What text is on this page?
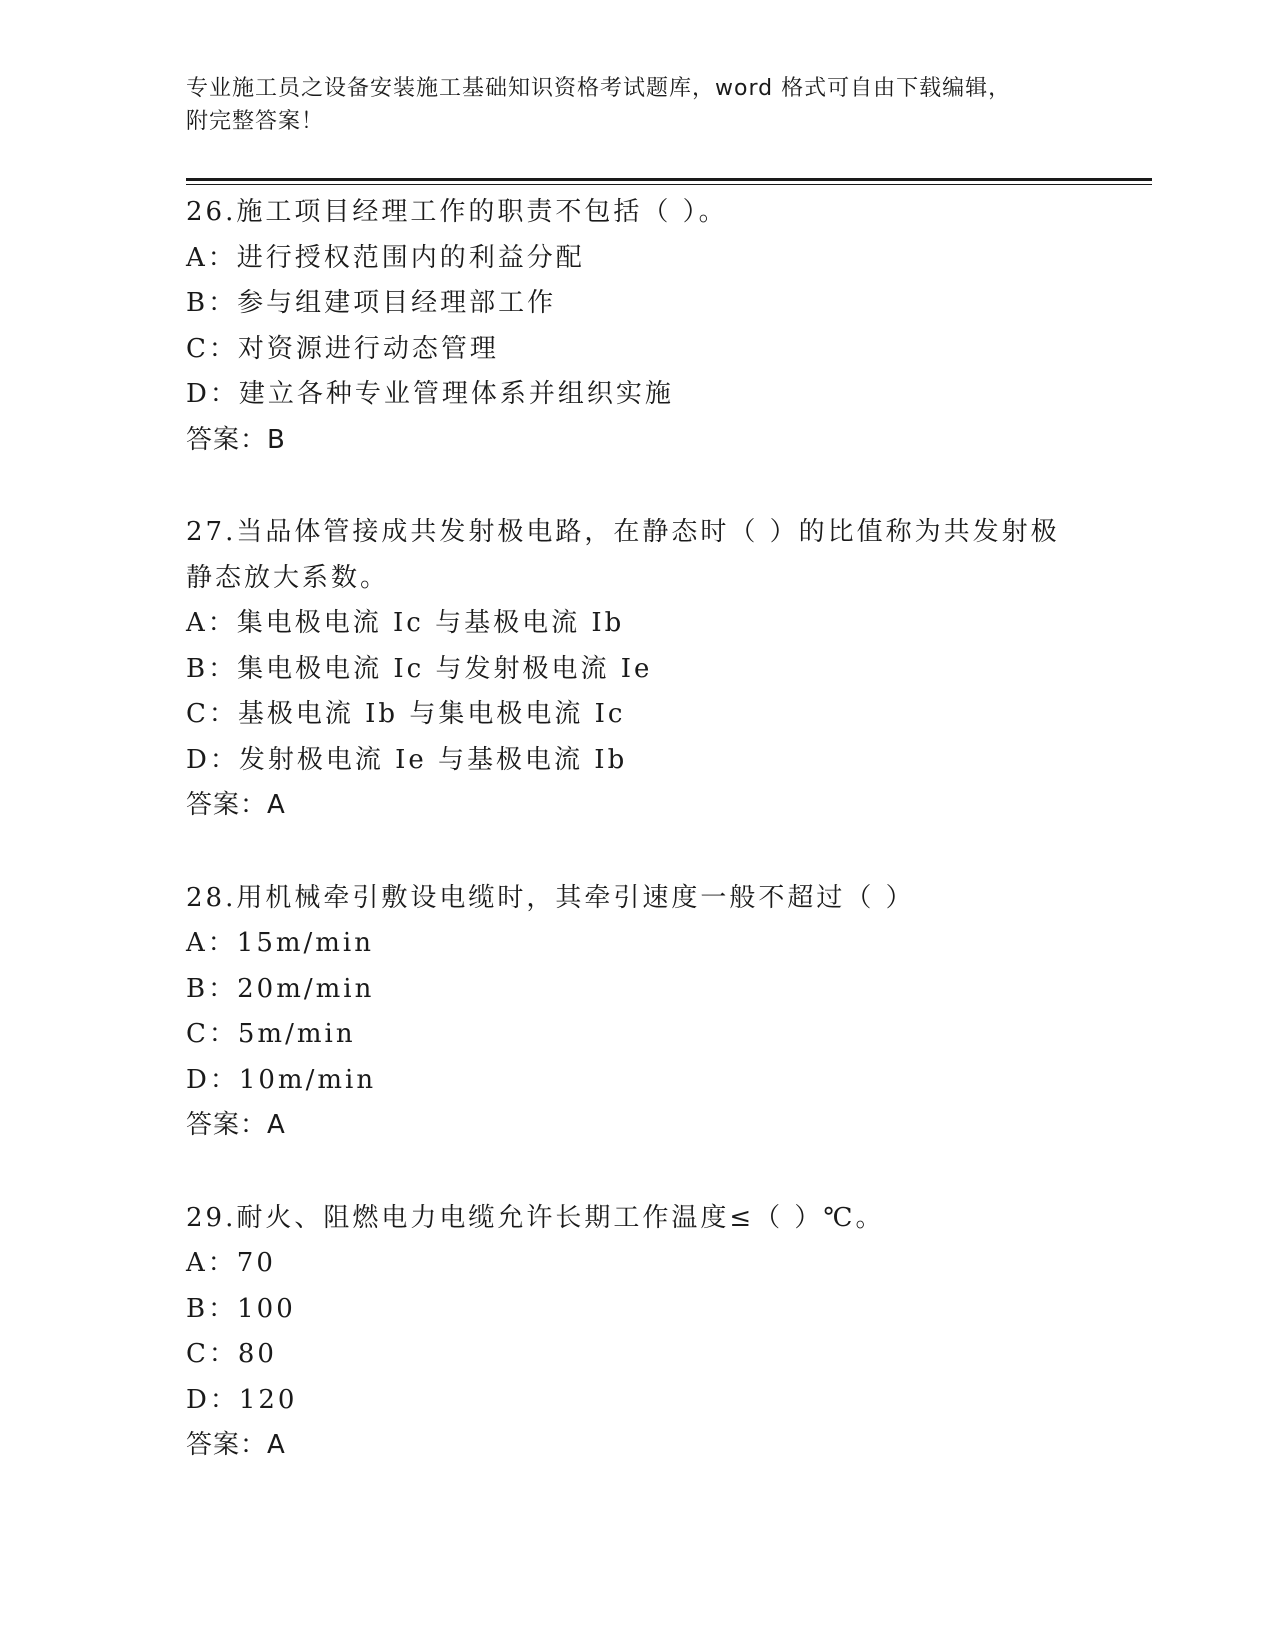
专业施工员之设备安装施工基础知识资格考试题库，word 格式可自由下载编辑，
附完整答案！
26.施工项目经理工作的职责不包括（ ）。
A：进行授权范围内的利益分配
B：参与组建项目经理部工作
C：对资源进行动态管理
D：建立各种专业管理体系并组织实施
答案：B
27.当品体管接成共发射极电路，在静态时（ ）的比值称为共发射极
静态放大系数。
A：集电极电流 Ic 与基极电流 Ib
B：集电极电流 Ic 与发射极电流 Ie
C：基极电流 Ib 与集电极电流 Ic
D：发射极电流 Ie 与基极电流 Ib
答案：A
28.用机械牵引敷设电缆时，其牵引速度一般不超过（ ）
A：15m/min
B：20m/min
C：5m/min
D：10m/min
答案：A
29.耐火、阻燃电力电缆允许长期工作温度≤（ ）℃。
A：70
B：100
C：80
D：120
答案：A
